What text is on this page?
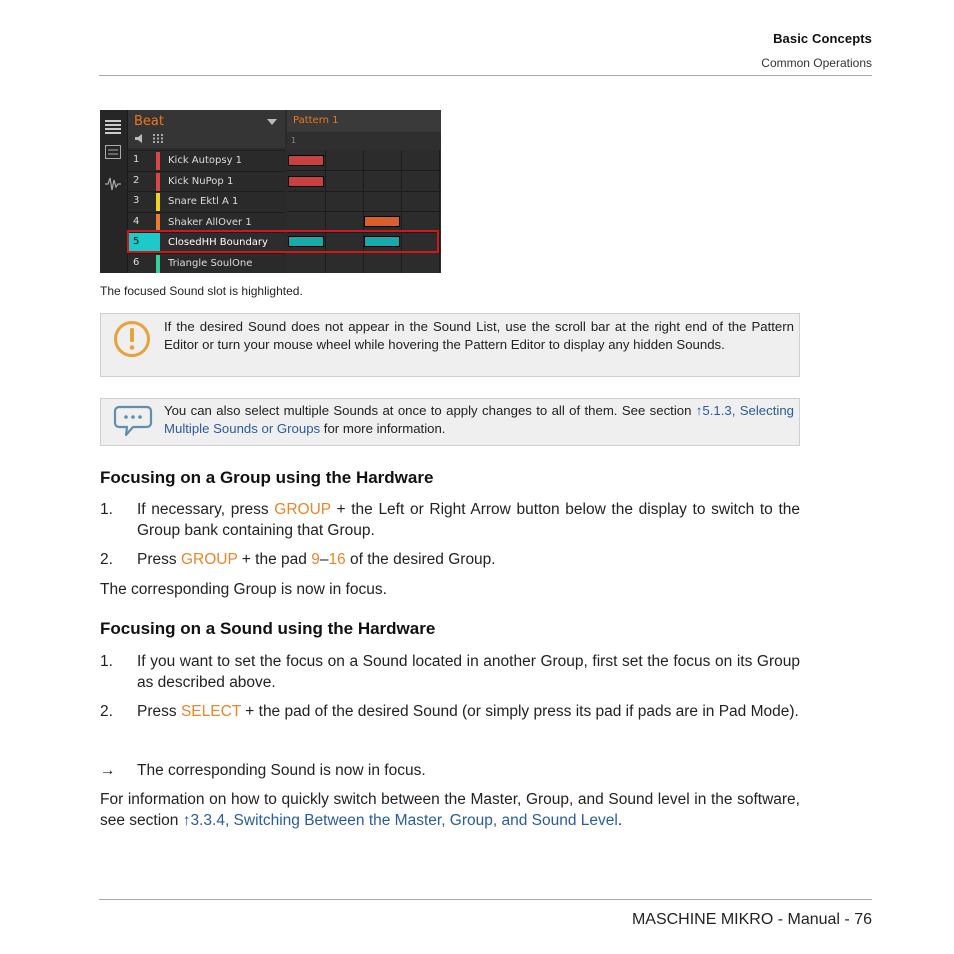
Basic Concepts
Common Operations
Beat	Pattern 1
1
1	Kick Autopsy 1
2	Kick NuPop 1
3	Snare Ektl A 1
4	Shaker AllOver 1
5	ClosedHH Boundary
6	Triangle SoulOne
The focused Sound slot is highlighted.
If the desired Sound does not appear in the Sound List, use the scroll bar at the right end of the Pattern Editor or turn your mouse wheel while hovering the Pattern Editor to display any hidden Sounds.
You can also select multiple Sounds at once to apply changes to all of them. See section ↑5.1.3, Selecting Multiple Sounds or Groups for more information.
Focusing on a Group using the Hardware
1. If necessary, press GROUP + the Left or Right Arrow button below the display to switch to the Group bank containing that Group.
2. Press GROUP + the pad 9–16 of the desired Group.
The corresponding Group is now in focus.
Focusing on a Sound using the Hardware
1. If you want to set the focus on a Sound located in another Group, first set the focus on its Group as described above.
2. Press SELECT + the pad of the desired Sound (or simply press its pad if pads are in Pad Mode).
→ The corresponding Sound is now in focus.
For information on how to quickly switch between the Master, Group, and Sound level in the software, see section ↑3.3.4, Switching Between the Master, Group, and Sound Level.
MASCHINE MIKRO - Manual - 76
